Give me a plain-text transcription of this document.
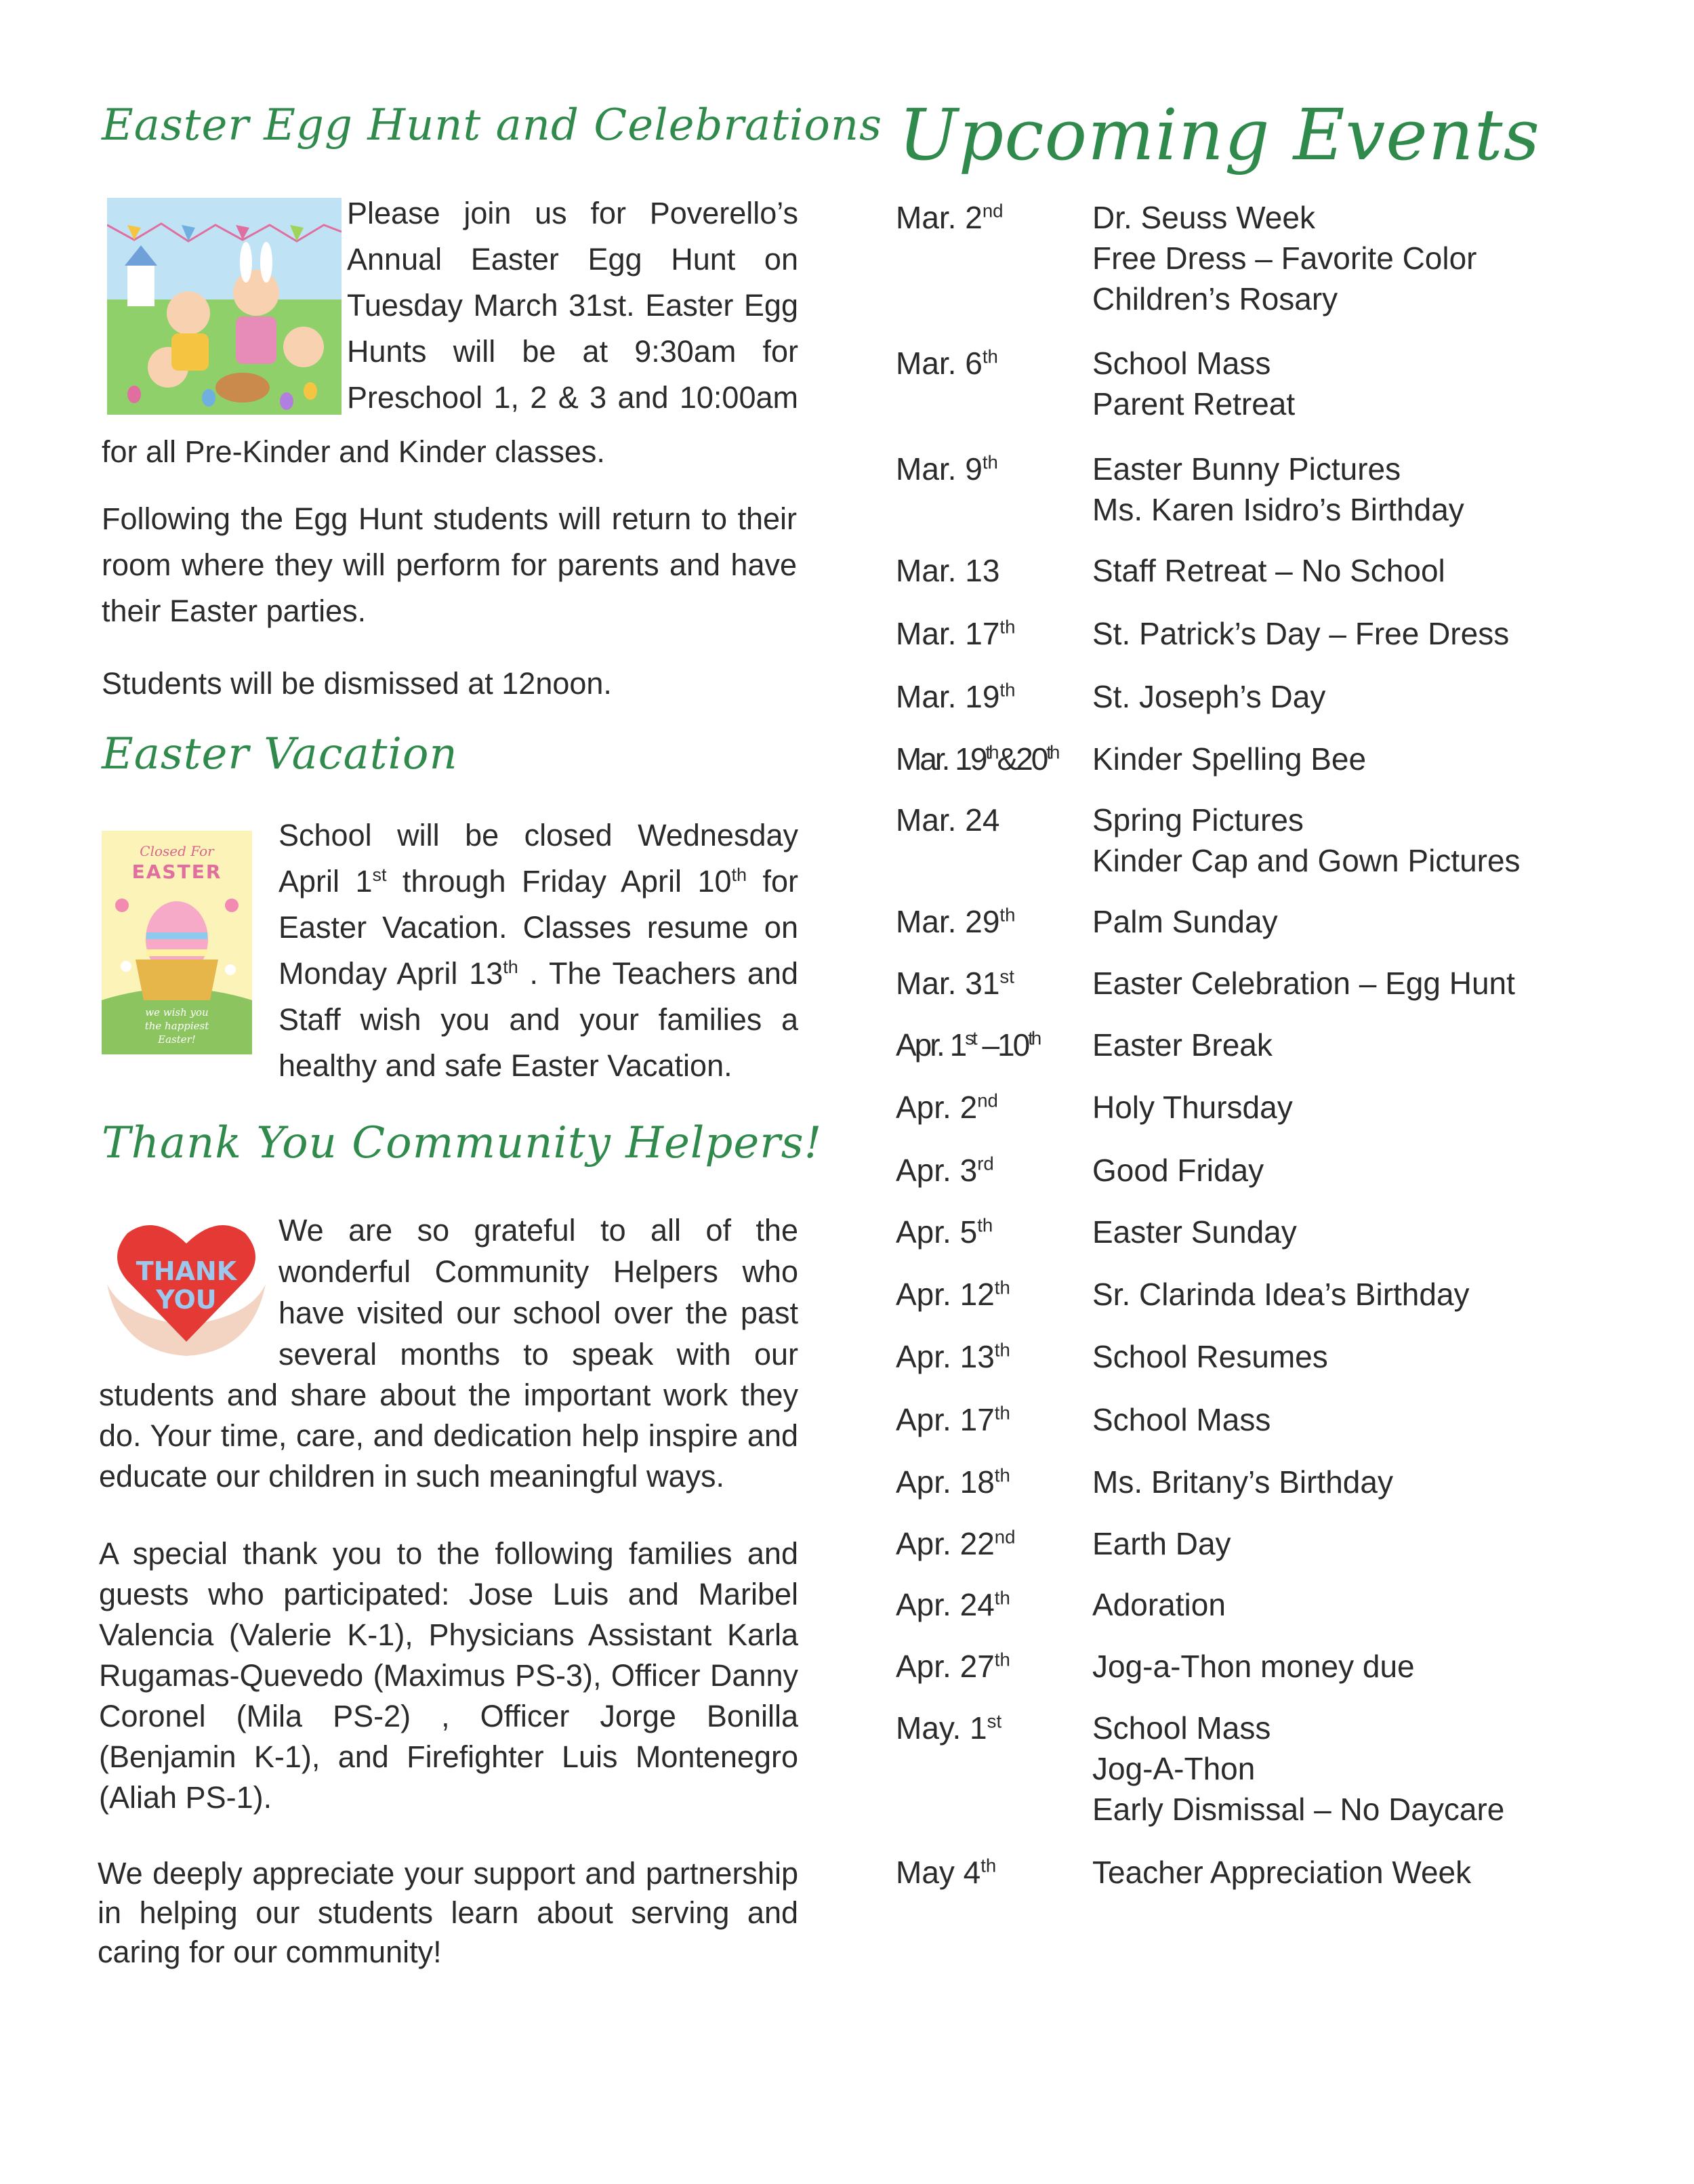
Easter Egg Hunt and Celebrations
Please join us for Poverello’s
Annual Easter Egg Hunt on
Tuesday March 31st. Easter Egg
Hunts will be at 9:30am for
Preschool 1, 2 & 3 and 10:00am

for all Pre-Kinder and Kinder classes.

Following the Egg Hunt students will return to their room where they will perform for parents and have their Easter parties.

Students will be dismissed at 12noon.

Easter Vacation
Closed For
EASTER
we wish you
the happiest
Easter!

School will be closed Wednesday April 1st through Friday April 10th for Easter Vacation. Classes resume on Monday April 13th . The Teachers and Staff wish you and your families a healthy and safe Easter Vacation.

Thank You Community Helpers!
THANK
YOU
We are so grateful to all of the
wonderful Community Helpers who
have visited our school over the past
several months to speak with our

students and share about the important work they do. Your time, care, and dedication help inspire and educate our children in such meaningful ways.

A special thank you to the following families and guests who participated: Jose Luis and Maribel Valencia (Valerie K-1), Physicians Assistant Karla Rugamas-Quevedo (Maximus PS-3), Officer Danny Coronel (Mila PS-2) , Officer Jorge Bonilla (Benjamin K-1), and Firefighter Luis Montenegro (Aliah PS-1).

We deeply appreciate your support and partnership in helping our students learn about serving and caring for our community!

Upcoming Events
Mar. 2nd	Dr. Seuss Week
Free Dress – Favorite Color
Children’s Rosary
Mar. 6th	School Mass
Parent Retreat
Mar. 9th	Easter Bunny Pictures
Ms. Karen Isidro’s Birthday
Mar. 13	Staff Retreat – No School
Mar. 17th	St. Patrick’s Day – Free Dress
Mar. 19th	St. Joseph’s Day
Mar. 19th&20th	Kinder Spelling Bee
Mar. 24	Spring Pictures
Kinder Cap and Gown Pictures
Mar. 29th	Palm Sunday
Mar. 31st	Easter Celebration – Egg Hunt
Apr. 1st –10th	Easter Break
Apr. 2nd	Holy Thursday
Apr. 3rd	Good Friday
Apr. 5th	Easter Sunday
Apr. 12th	Sr. Clarinda Idea’s Birthday
Apr. 13th	School Resumes
Apr. 17th	School Mass
Apr. 18th	Ms. Britany’s Birthday
Apr. 22nd	Earth Day
Apr. 24th	Adoration
Apr. 27th	Jog-a-Thon money due
May. 1st	School Mass
Jog-A-Thon
Early Dismissal – No Daycare
May 4th	Teacher Appreciation Week
